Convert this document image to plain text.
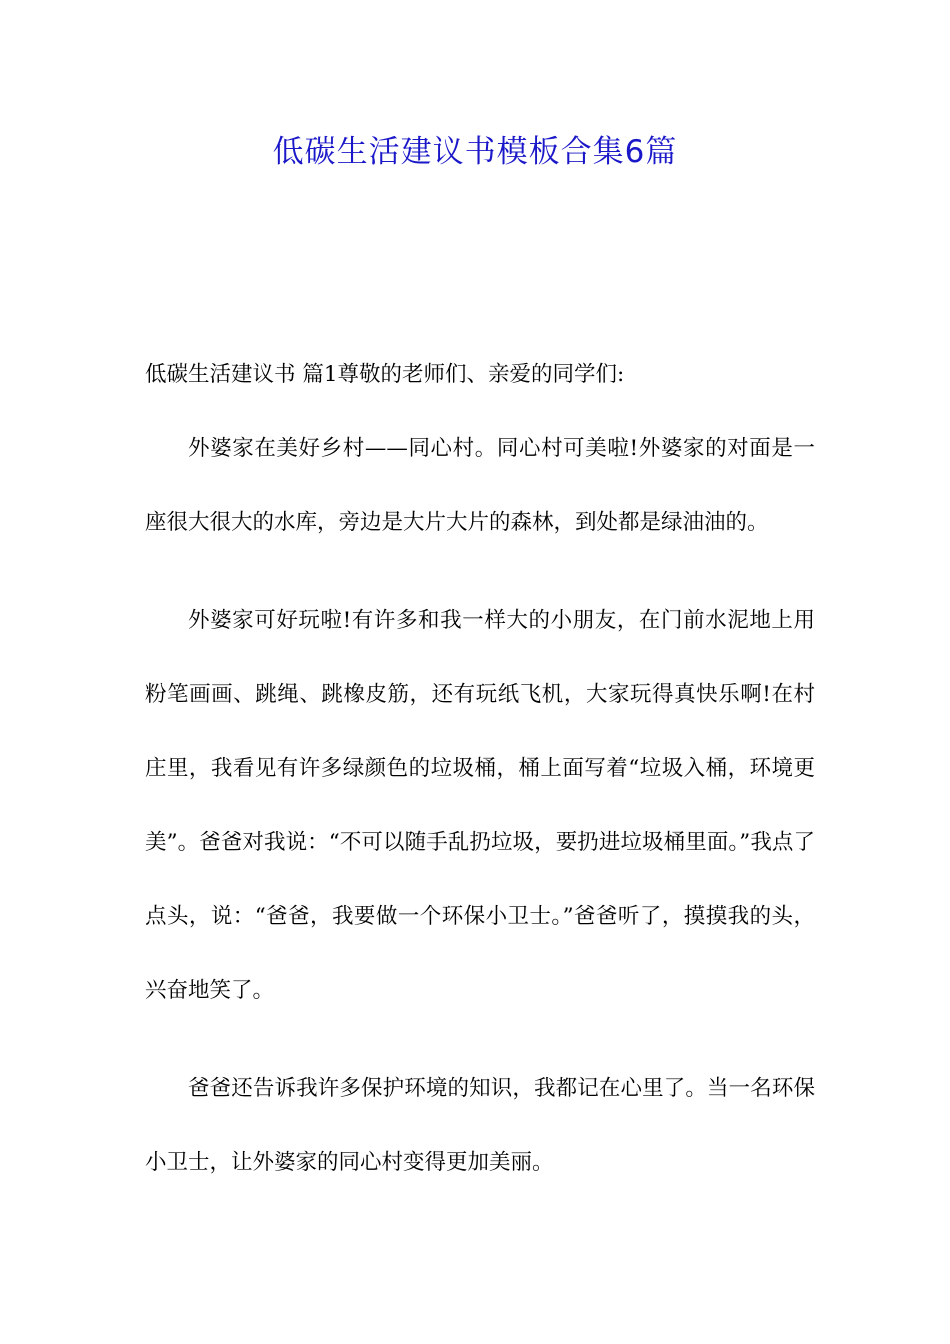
低碳生活建议书模板合集6篇

低碳生活建议书 篇1尊敬的老师们、亲爱的同学们:

外婆家在美好乡村——同心村。同心村可美啦!外婆家的对面是一座很大很大的水库，旁边是大片大片的森林，到处都是绿油油的。

外婆家可好玩啦!有许多和我一样大的小朋友，在门前水泥地上用粉笔画画、跳绳、跳橡皮筋，还有玩纸飞机，大家玩得真快乐啊!在村庄里，我看见有许多绿颜色的垃圾桶，桶上面写着“垃圾入桶，环境更美”。爸爸对我说：“不可以随手乱扔垃圾，要扔进垃圾桶里面。”我点了点头，说：“爸爸，我要做一个环保小卫士。”爸爸听了，摸摸我的头，兴奋地笑了。

爸爸还告诉我许多保护环境的知识，我都记在心里了。当一名环保小卫士，让外婆家的同心村变得更加美丽。
